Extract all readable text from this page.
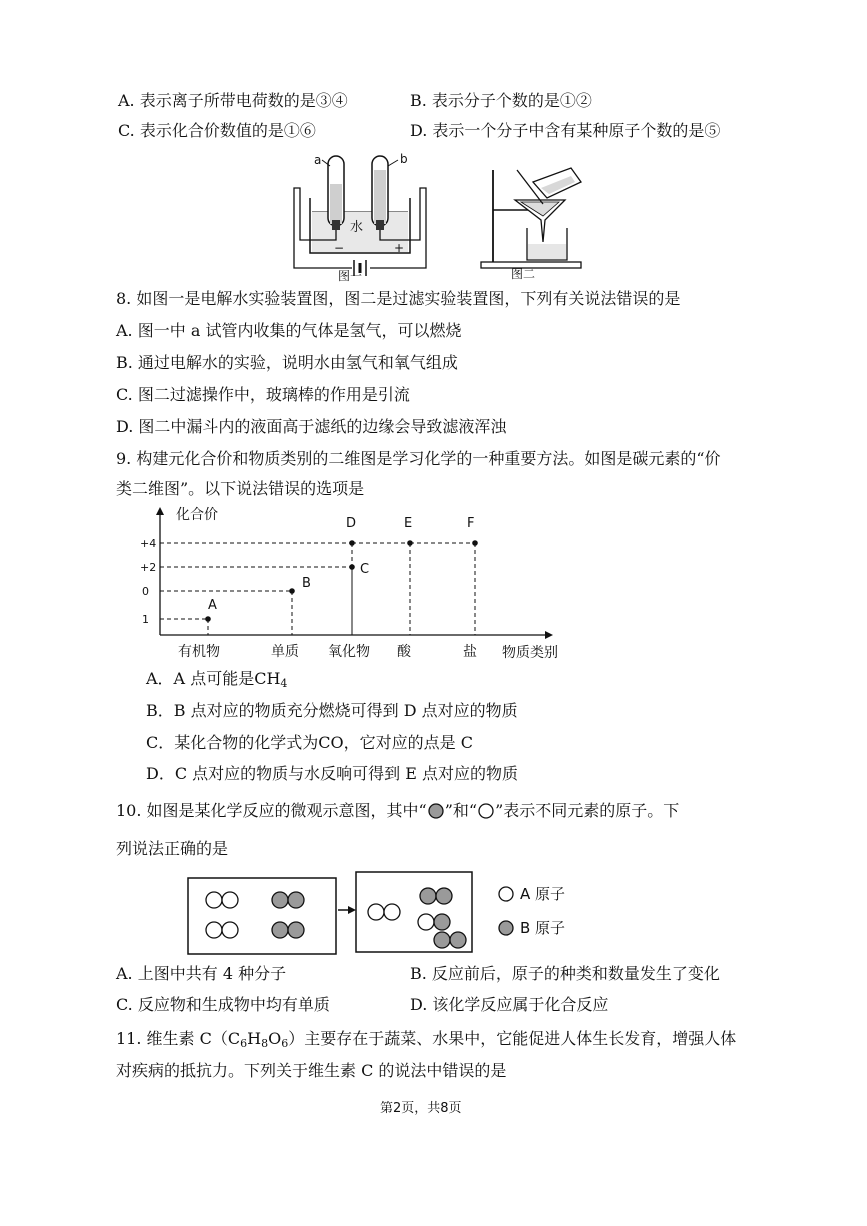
A. 表示离子所带电荷数的是③④	B. 表示分子个数的是①②
C. 表示化合价数值的是①⑥	D. 表示一个分子中含有某种原子个数的是⑤
a	b
水
−	+
图一	图二
8. 如图一是电解水实验装置图，图二是过滤实验装置图，下列有关说法错误的是
A. 图一中 a 试管内收集的气体是氢气，可以燃烧
B. 通过电解水的实验，说明水由氢气和氧气组成
C. 图二过滤操作中，玻璃棒的作用是引流
D. 图二中漏斗内的液面高于滤纸的边缘会导致滤液浑浊
9. 构建元化合价和物质类别的二维图是学习化学的一种重要方法。如图是碳元素的“价
类二维图”。以下说法错误的选项是
化合价
物质类别
有机物	单质 氧化物 酸	盐
1
0
+2
+4
A
B
C
D	E	F
A．A 点可能是$CH_4$
B．B 点对应的物质充分燃烧可得到 D 点对应的物质
C．某化合物的化学式为CO，它对应的点是 C
D．C 点对应的物质与水反响可得到 E 点对应的物质
10. 如图是某化学反应的微观示意图，其中“ ”和“ ”表示不同元素的原子。下
列说法正确的是
A 原子
B 原子
A. 上图中共有 4 种分子	B. 反应前后，原子的种类和数量发生了变化
C. 反应物和生成物中均有单质	D. 该化学反应属于化合反应
11. 维生素 $C(C_6H_8O_6)$主要存在于蔬菜、水果中，它能促进人体生长发育，增强人体
对疾病的抵抗力。下列关于维生素 C 的说法中错误的是
第2页，共8页
